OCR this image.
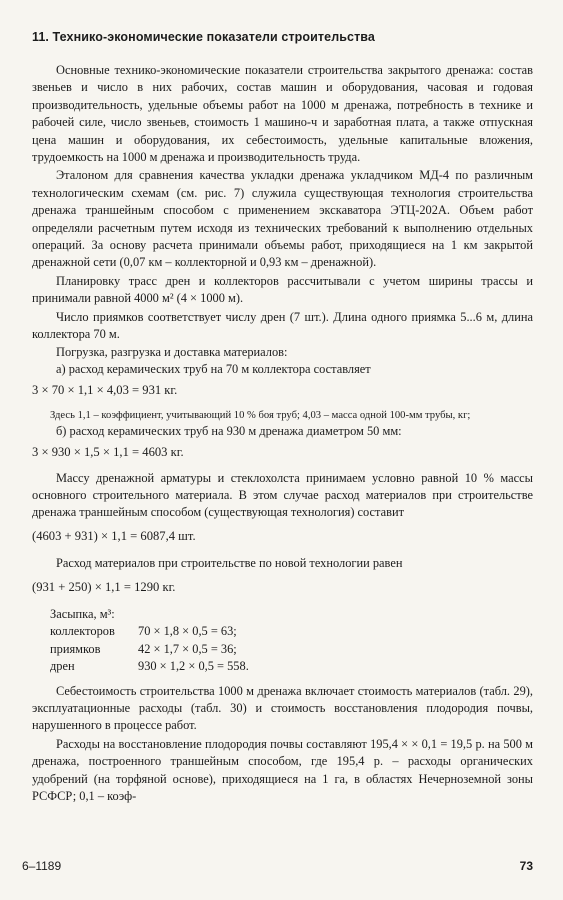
11. Технико-экономические показатели строительства

Основные технико-экономические показатели строительства закрытого дренажа: состав звеньев и число в них рабочих, состав машин и оборудования, часовая и годовая производительность, удельные объемы работ на 1000 м дренажа, потребность в технике и рабочей силе, число звеньев, стоимость 1 машино-ч и заработная плата, а также отпускная цена машин и оборудования, их себестоимость, удельные капитальные вложения, трудоемкость на 1000 м дренажа и производительность труда.

Эталоном для сравнения качества укладки дренажа укладчиком МД-4 по различным технологическим схемам (см. рис. 7) служила существующая технология строительства дренажа траншейным способом с применением экскаватора ЭТЦ-202А. Объем работ определяли расчетным путем исходя из технических требований к выполнению отдельных операций. За основу расчета принимали объемы работ, приходящиеся на 1 км закрытой дренажной сети (0,07 км – коллекторной и 0,93 км – дренажной).

Планировку трасс дрен и коллекторов рассчитывали с учетом ширины трассы и принимали равной 4000 м² (4 × 1000 м).

Число приямков соответствует числу дрен (7 шт.). Длина одного приямка 5...6 м, длина коллектора 70 м.

Погрузка, разгрузка и доставка материалов:

а) расход керамических труб на 70 м коллектора составляет

3 × 70 × 1,1 × 4,03 = 931 кг.

Здесь 1,1 – коэффициент, учитывающий 10 % боя труб; 4,03 – масса одной 100-мм трубы, кг;

б) расход керамических труб на 930 м дренажа диаметром 50 мм:

3 × 930 × 1,5 × 1,1 = 4603 кг.

Массу дренажной арматуры и стеклохолста принимаем условно равной 10 % массы основного строительного материала. В этом случае расход материалов при строительстве дренажа траншейным способом (существующая технология) составит

(4603 + 931) × 1,1 = 6087,4 шт.

Расход материалов при строительстве по новой технологии равен

(931 + 250) × 1,1 = 1290 кг.
Засыпка, м³:
коллекторов	70 × 1,8 × 0,5 = 63;
приямков	42 × 1,7 × 0,5 = 36;
дрен	930 × 1,2 × 0,5 = 558.

Себестоимость строительства 1000 м дренажа включает стоимость материалов (табл. 29), эксплуатационные расходы (табл. 30) и стоимость восстановления плодородия почвы, нарушенного в процессе работ.

Расходы на восстановление плодородия почвы составляют 195,4 × × 0,1 = 19,5 р. на 500 м дренажа, построенного траншейным способом, где 195,4 р. – расходы органических удобрений (на торфяной основе), приходящиеся на 1 га, в областях Нечерноземной зоны РСФСР; 0,1 – коэф-

6–1189	73
